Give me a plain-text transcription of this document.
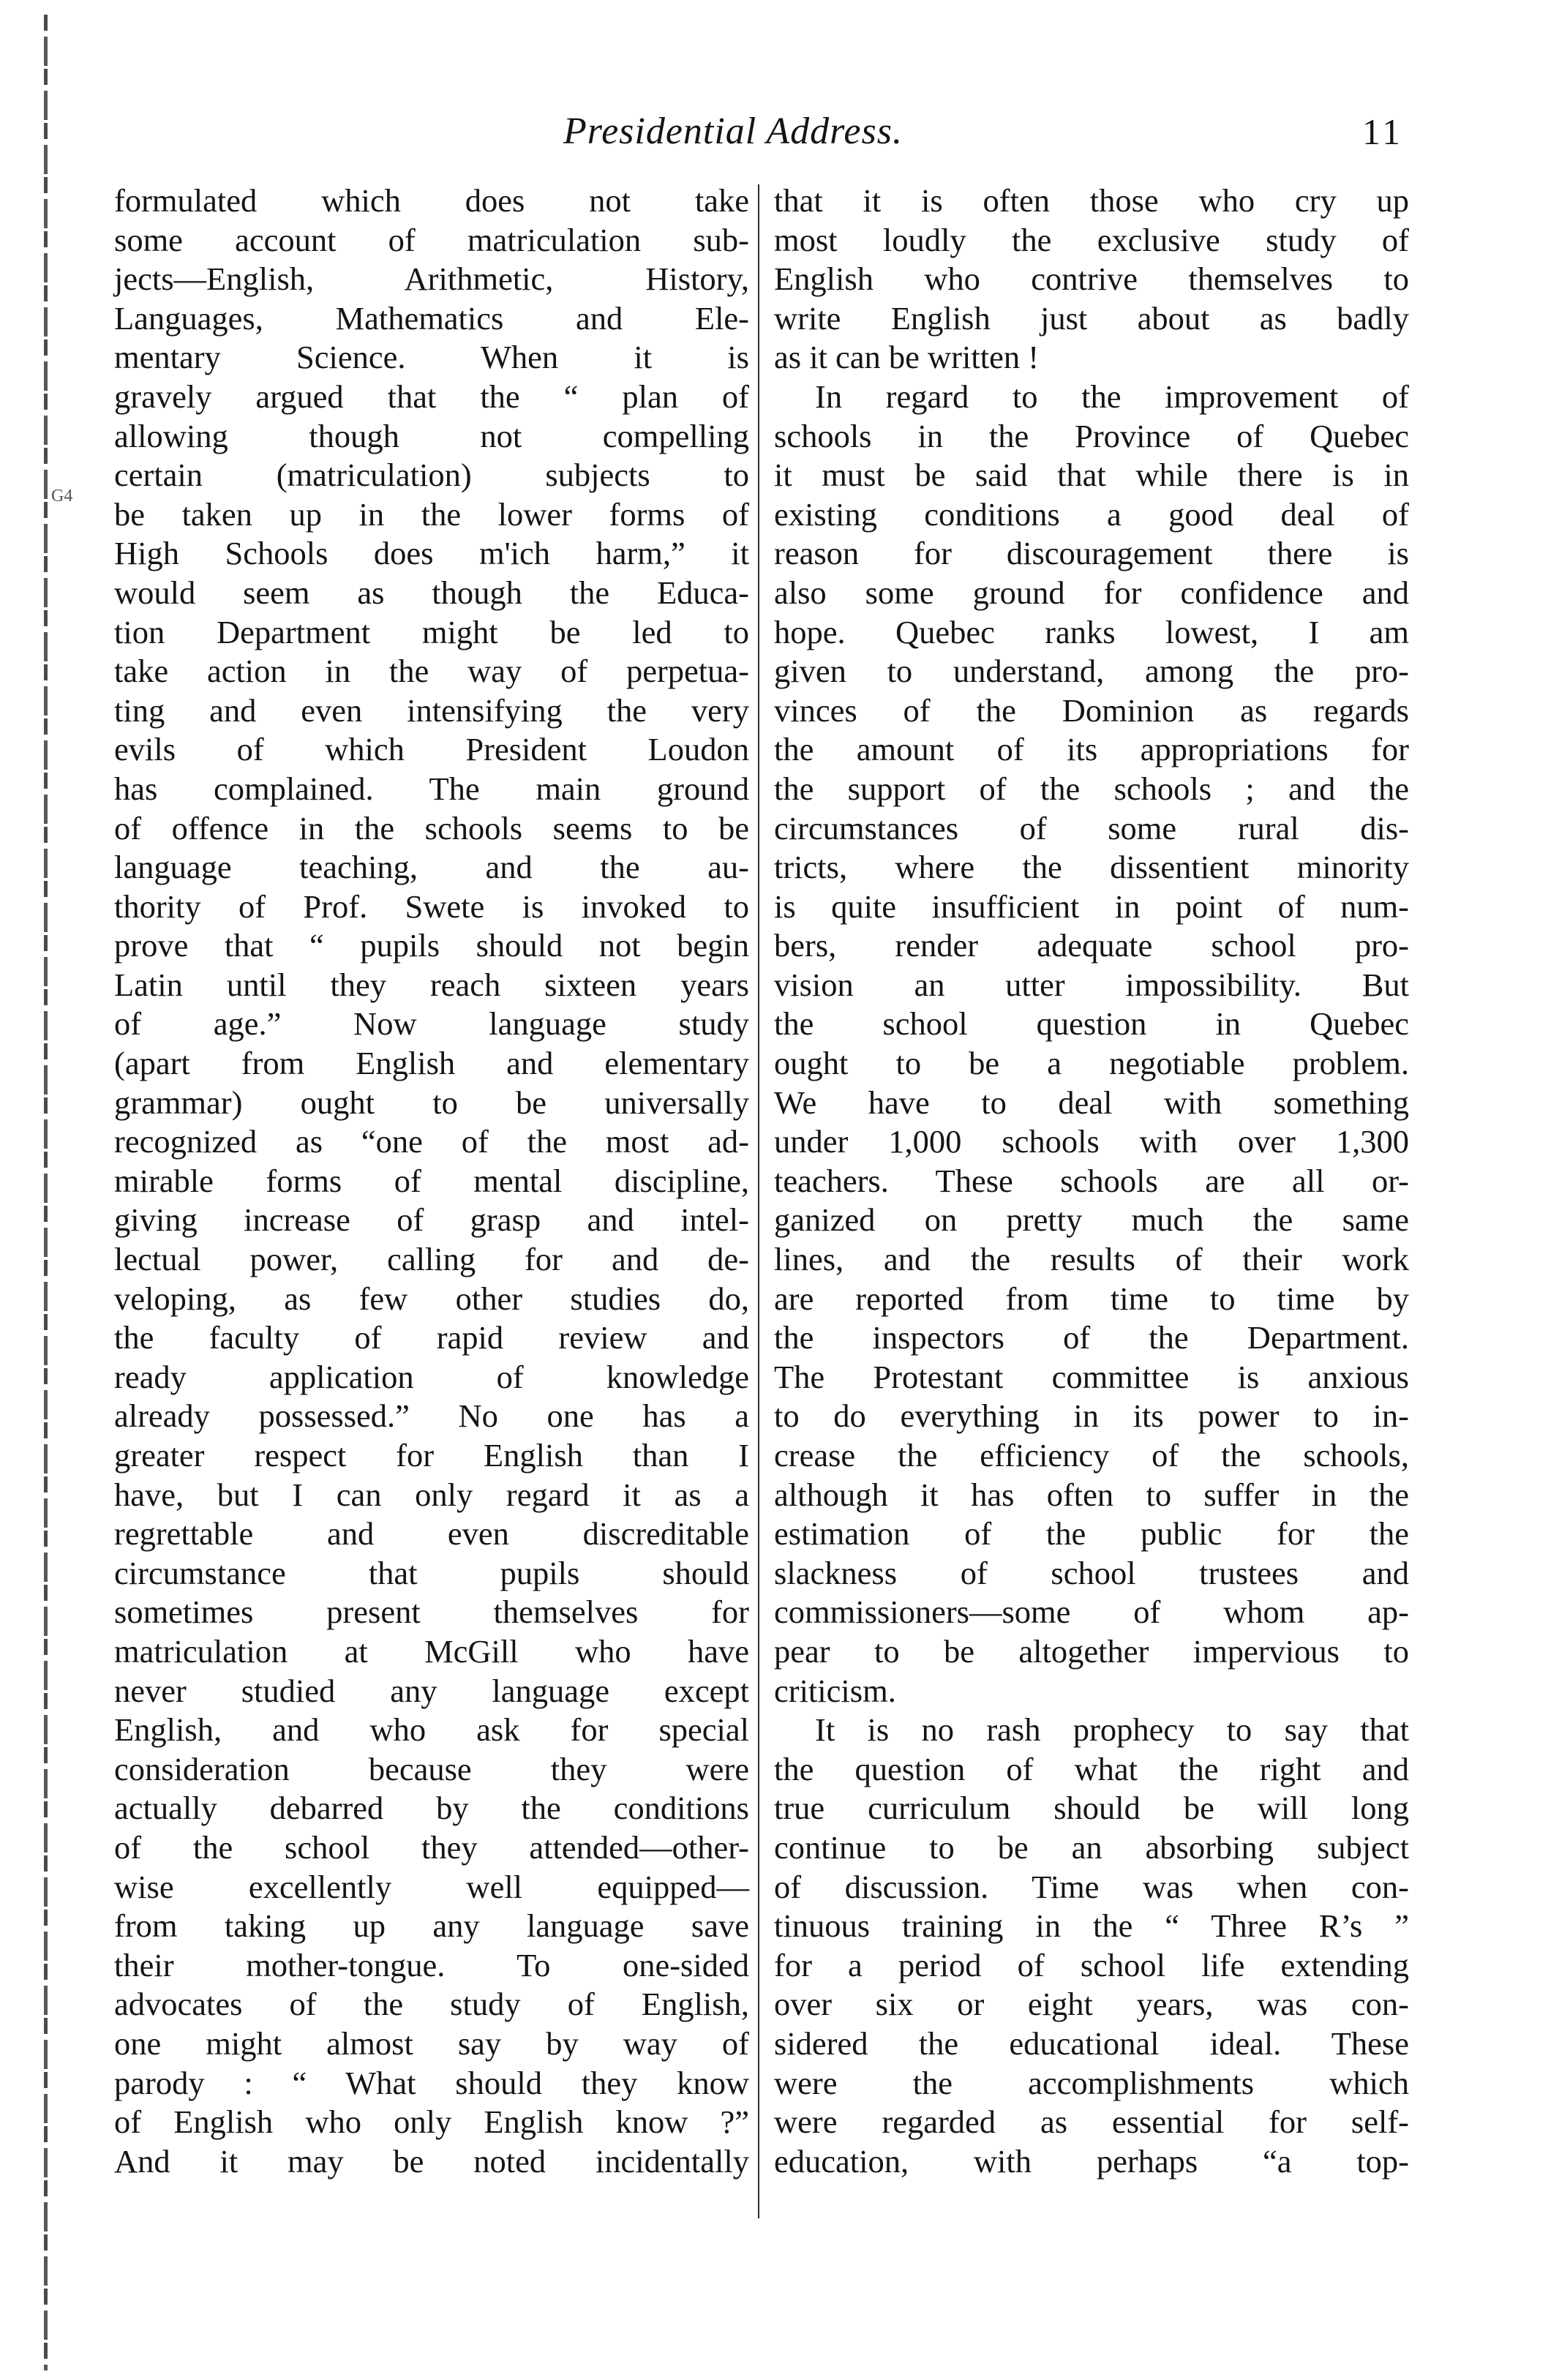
G4
Presidential Address.	11
formulated which does not take
some account of matriculation sub-
jects—English, Arithmetic, History,
Languages, Mathematics and Ele-
mentary Science. When it is
gravely argued that the “ plan of
allowing though not compelling
certain (matriculation) subjects to
be taken up in the lower forms of
High Schools does m'ich harm,” it
would seem as though the Educa-
tion Department might be led to
take action in the way of perpetua-
ting and even intensifying the very
evils of which President Loudon
has complained. The main ground
of offence in the schools seems to be
language teaching, and the au-
thority of Prof. Swete is invoked to
prove that “ pupils should not begin
Latin until they reach sixteen years
of age.” Now language study
(apart from English and elementary
grammar) ought to be universally
recognized as “one of the most ad-
mirable forms of mental discipline,
giving increase of grasp and intel-
lectual power, calling for and de-
veloping, as few other studies do,
the faculty of rapid review and
ready application of knowledge
already possessed.” No one has a
greater respect for English than I
have, but I can only regard it as a
regrettable and even discreditable
circumstance that pupils should
sometimes present themselves for
matriculation at McGill who have
never studied any language except
English, and who ask for special
consideration because they were
actually debarred by the conditions
of the school they attended—other-
wise excellently well equipped—
from taking up any language save
their mother-tongue. To one-sided
advocates of the study of English,
one might almost say by way of
parody : “ What should they know
of English who only English know ?”
And it may be noted incidentally
that it is often those who cry up
most loudly the exclusive study of
English who contrive themselves to
write English just about as badly
as it can be written !
In regard to the improvement of
schools in the Province of Quebec
it must be said that while there is in
existing conditions a good deal of
reason for discouragement there is
also some ground for confidence and
hope. Quebec ranks lowest, I am
given to understand, among the pro-
vinces of the Dominion as regards
the amount of its appropriations for
the support of the schools ; and the
circumstances of some rural dis-
tricts, where the dissentient minority
is quite insufficient in point of num-
bers, render adequate school pro-
vision an utter impossibility. But
the school question in Quebec
ought to be a negotiable problem.
We have to deal with something
under 1,000 schools with over 1,300
teachers. These schools are all or-
ganized on pretty much the same
lines, and the results of their work
are reported from time to time by
the inspectors of the Department.
The Protestant committee is anxious
to do everything in its power to in-
crease the efficiency of the schools,
although it has often to suffer in the
estimation of the public for the
slackness of school trustees and
commissioners—some of whom ap-
pear to be altogether impervious to
criticism.
It is no rash prophecy to say that
the question of what the right and
true curriculum should be will long
continue to be an absorbing subject
of discussion. Time was when con-
tinuous training in the “ Three R’s ”
for a period of school life extending
over six or eight years, was con-
sidered the educational ideal. These
were the accomplishments which
were regarded as essential for self-
education, with perhaps “a top-
